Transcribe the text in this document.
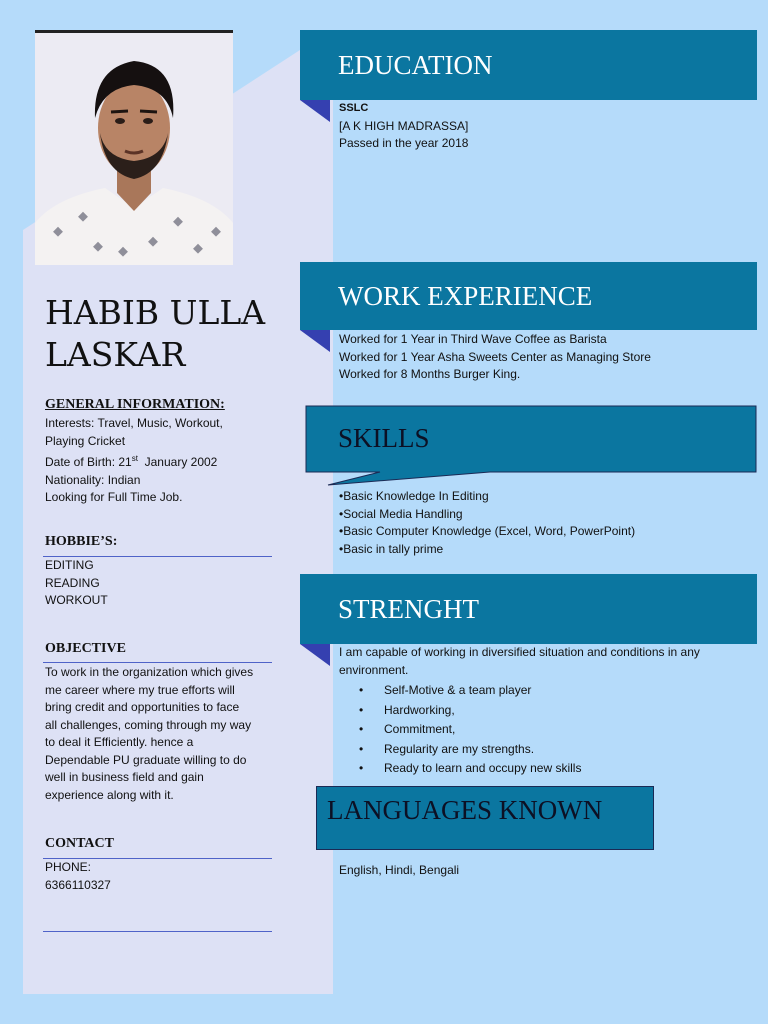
HABIB ULLA
LASKAR
GENERAL INFORMATION:
Interests: Travel, Music, Workout,
Playing Cricket
Date of Birth: 21st  January 2002
Nationality: Indian
Looking for Full Time Job.
HOBBIE’S:
EDITING
READING
WORKOUT
OBJECTIVE
To work in the organization which gives
me career where my true efforts will
bring credit and opportunities to face
all challenges, coming through my way
to deal it Efficiently. hence a
Dependable PU graduate willing to do
well in business field and gain
experience along with it.
CONTACT
PHONE:
6366110327
EDUCATION
SSLC
[A K HIGH MADRASSA]
Passed in the year 2018
WORK EXPERIENCE
Worked for 1 Year in Third Wave Coffee as Barista
Worked for 1 Year Asha Sweets Center as Managing Store
Worked for 8 Months Burger King.
SKILLS
•Basic Knowledge In Editing
•Social Media Handling
•Basic Computer Knowledge (Excel, Word, PowerPoint)
•Basic in tally prime
STRENGHT
I am capable of working in diversified situation and conditions in any
environment.
• Self-Motive & a team player
• Hardworking,
• Commitment,
• Regularity are my strengths.
• Ready to learn and occupy new skills
LANGUAGES KNOWN
English, Hindi, Bengali
